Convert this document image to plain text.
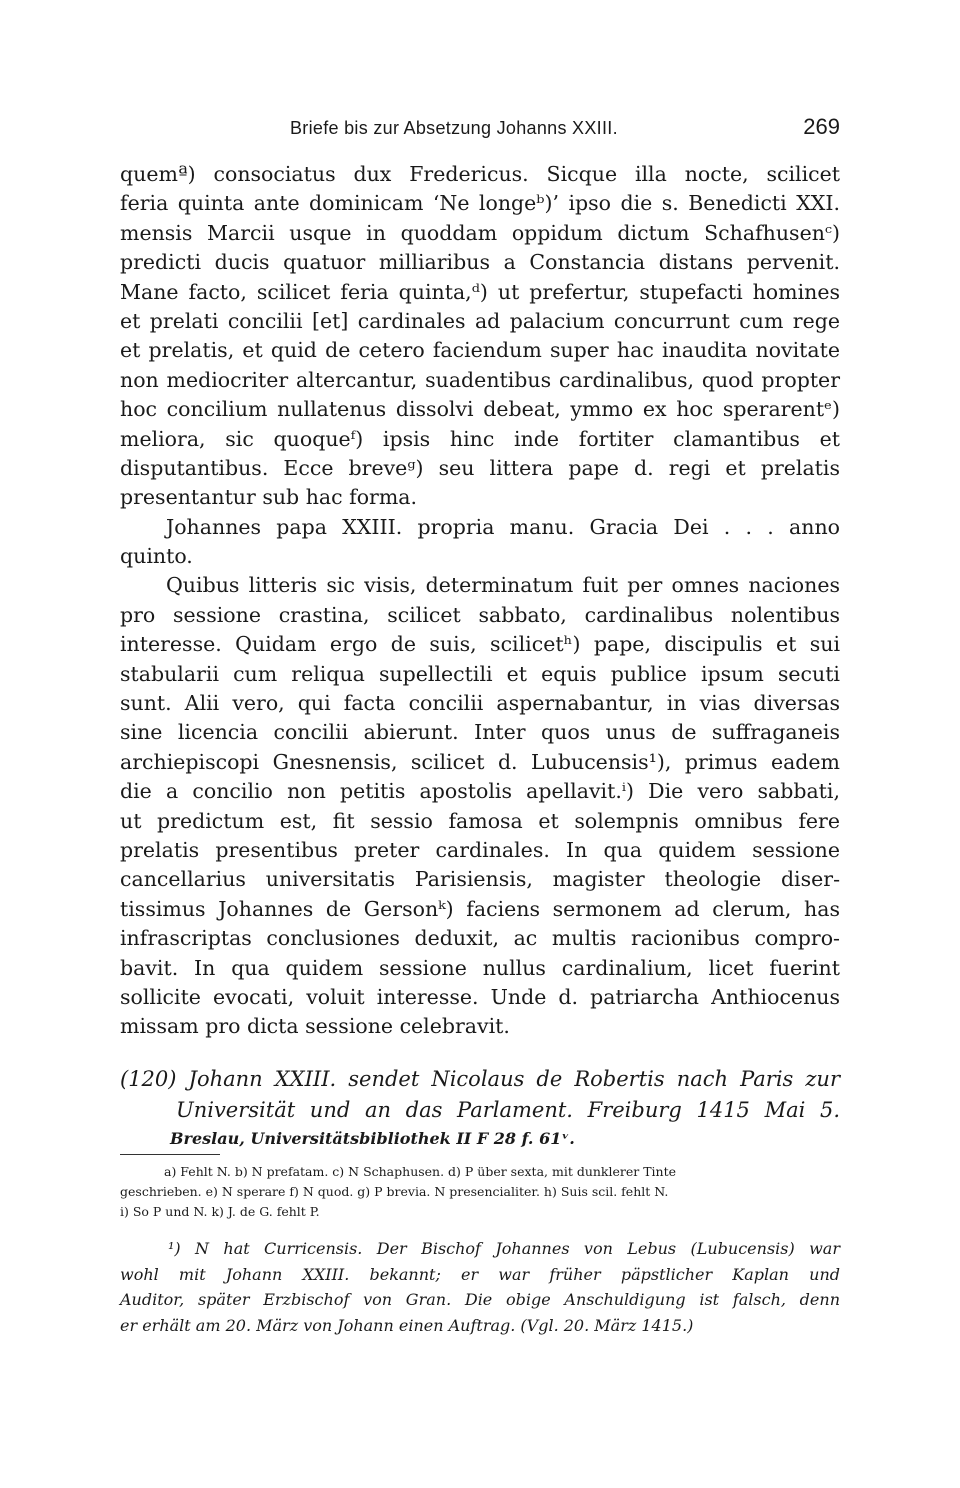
Briefe bis zur Absetzung Johanns XXIII.	269
quemª) consociatus dux Fredericus. Sicque illa nocte, scilicet
feria quinta ante dominicam ‘Ne longeᵇ)’ ipso die s. Benedicti XXI.
mensis Marcii usque in quoddam oppidum dictum Schafhusenᶜ)
predicti ducis quatuor milliaribus a Constancia distans pervenit.
Mane facto, scilicet feria quinta,ᵈ) ut prefertur, stupefacti homines
et prelati concilii [et] cardinales ad palacium concurrunt cum rege
et prelatis, et quid de cetero faciendum super hac inaudita novitate
non mediocriter altercantur, suadentibus cardinalibus, quod propter
hoc concilium nullatenus dissolvi debeat, ymmo ex hoc sperarentᵉ)
meliora, sic quoqueᶠ) ipsis hinc inde fortiter clamantibus et
disputantibus. Ecce breveᵍ) seu littera pape d. regi et prelatis
presentantur sub hac forma.
Johannes papa XXIII. propria manu. Gracia Dei . . . anno
quinto.
Quibus litteris sic visis, determinatum fuit per omnes naciones
pro sessione crastina, scilicet sabbato, cardinalibus nolentibus
interesse. Quidam ergo de suis, scilicetʰ) pape, discipulis et sui
stabularii cum reliqua supellectili et equis publice ipsum secuti
sunt. Alii vero, qui facta concilii aspernabantur, in vias diversas
sine licencia concilii abierunt. Inter quos unus de suffraganeis
archiepiscopi Gnesnensis, scilicet d. Lubucensis¹), primus eadem
die a concilio non petitis apostolis apellavit.ⁱ) Die vero sabbati,
ut predictum est, fit sessio famosa et solempnis omnibus fere
prelatis presentibus preter cardinales. In qua quidem sessione
cancellarius universitatis Parisiensis, magister theologie diser-
tissimus Johannes de Gersonᵏ) faciens sermonem ad clerum, has
infrascriptas conclusiones deduxit, ac multis racionibus compro-
bavit. In qua quidem sessione nullus cardinalium, licet fuerint
sollicite evocati, voluit interesse. Unde d. patriarcha Anthiocenus
missam pro dicta sessione celebravit.
(120) Johann XXIII. sendet Nicolaus de Robertis nach Paris zur
Universität und an das Parlament. Freiburg 1415 Mai 5.
Breslau, Universitätsbibliothek II F 28 f. 61ᵛ.
a) Fehlt N. b) N prefatam. c) N Schaphusen. d) P über sexta, mit dunklerer Tinte
geschrieben. e) N sperare f) N quod. g) P brevia. N presencialiter. h) Suis scil. fehlt N.
i) So P und N. k) J. de G. fehlt P.
¹) N hat Curricensis. Der Bischof Johannes von Lebus (Lubucensis) war
wohl mit Johann XXIII. bekannt; er war früher päpstlicher Kaplan und
Auditor, später Erzbischof von Gran. Die obige Anschuldigung ist falsch, denn
er erhält am 20. März von Johann einen Auftrag. (Vgl. 20. März 1415.)
